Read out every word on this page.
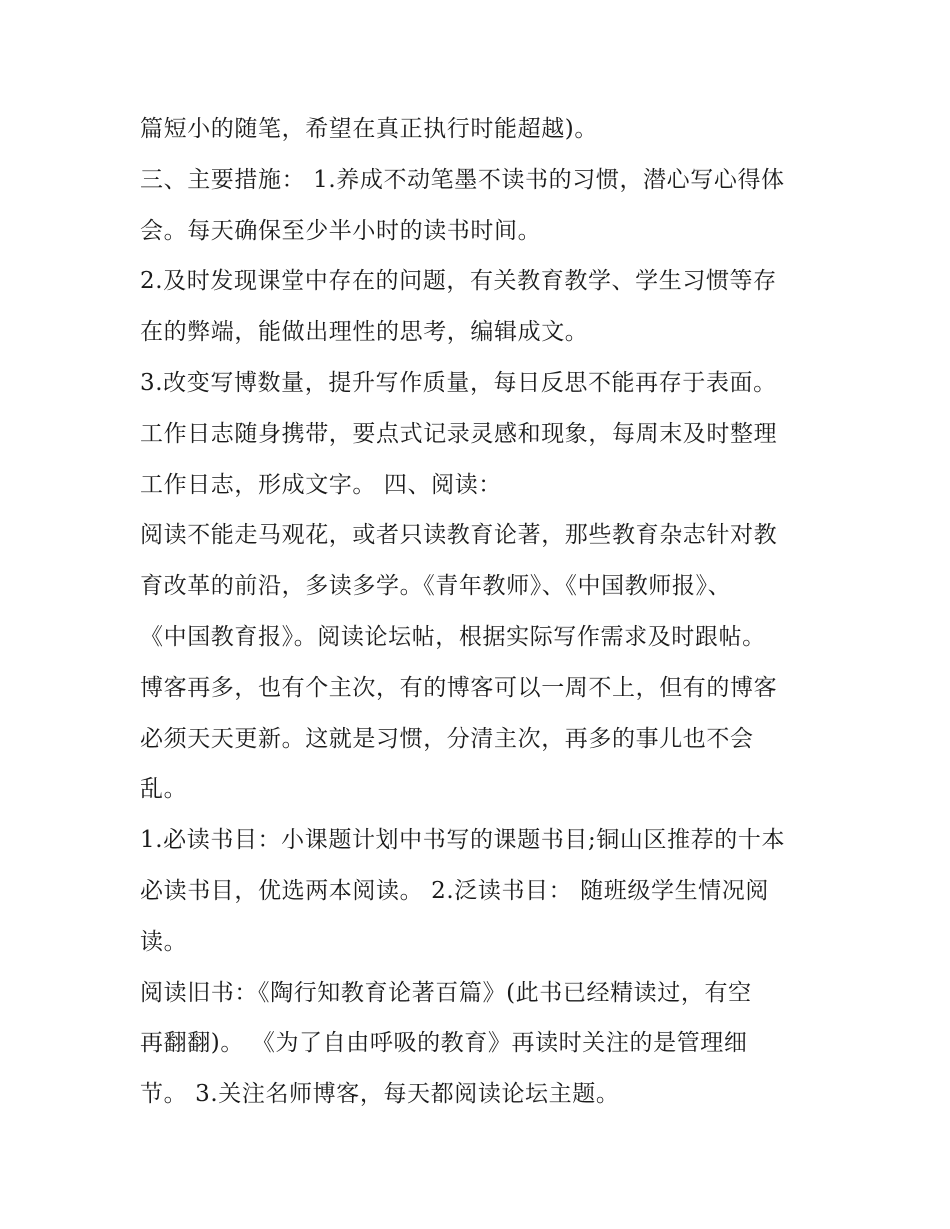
篇短小的随笔，希望在真正执行时能超越)。
三、主要措施： 1.养成不动笔墨不读书的习惯，潜心写心得体
会。每天确保至少半小时的读书时间。
2.及时发现课堂中存在的问题，有关教育教学、学生习惯等存
在的弊端，能做出理性的思考，编辑成文。
3.改变写博数量，提升写作质量，每日反思不能再存于表面。
工作日志随身携带，要点式记录灵感和现象，每周末及时整理
工作日志，形成文字。 四、阅读：
阅读不能走马观花，或者只读教育论著，那些教育杂志针对教
育改革的前沿，多读多学。《青年教师》、《中国教师报》、
《中国教育报》。阅读论坛帖，根据实际写作需求及时跟帖。
博客再多，也有个主次，有的博客可以一周不上，但有的博客
必须天天更新。这就是习惯，分清主次，再多的事儿也不会
乱。
1.必读书目：小课题计划中书写的课题书目;铜山区推荐的十本
必读书目，优选两本阅读。 2.泛读书目： 随班级学生情况阅
读。
阅读旧书：《陶行知教育论著百篇》(此书已经精读过，有空
再翻翻)。 《为了自由呼吸的教育》再读时关注的是管理细
节。 3.关注名师博客，每天都阅读论坛主题。
